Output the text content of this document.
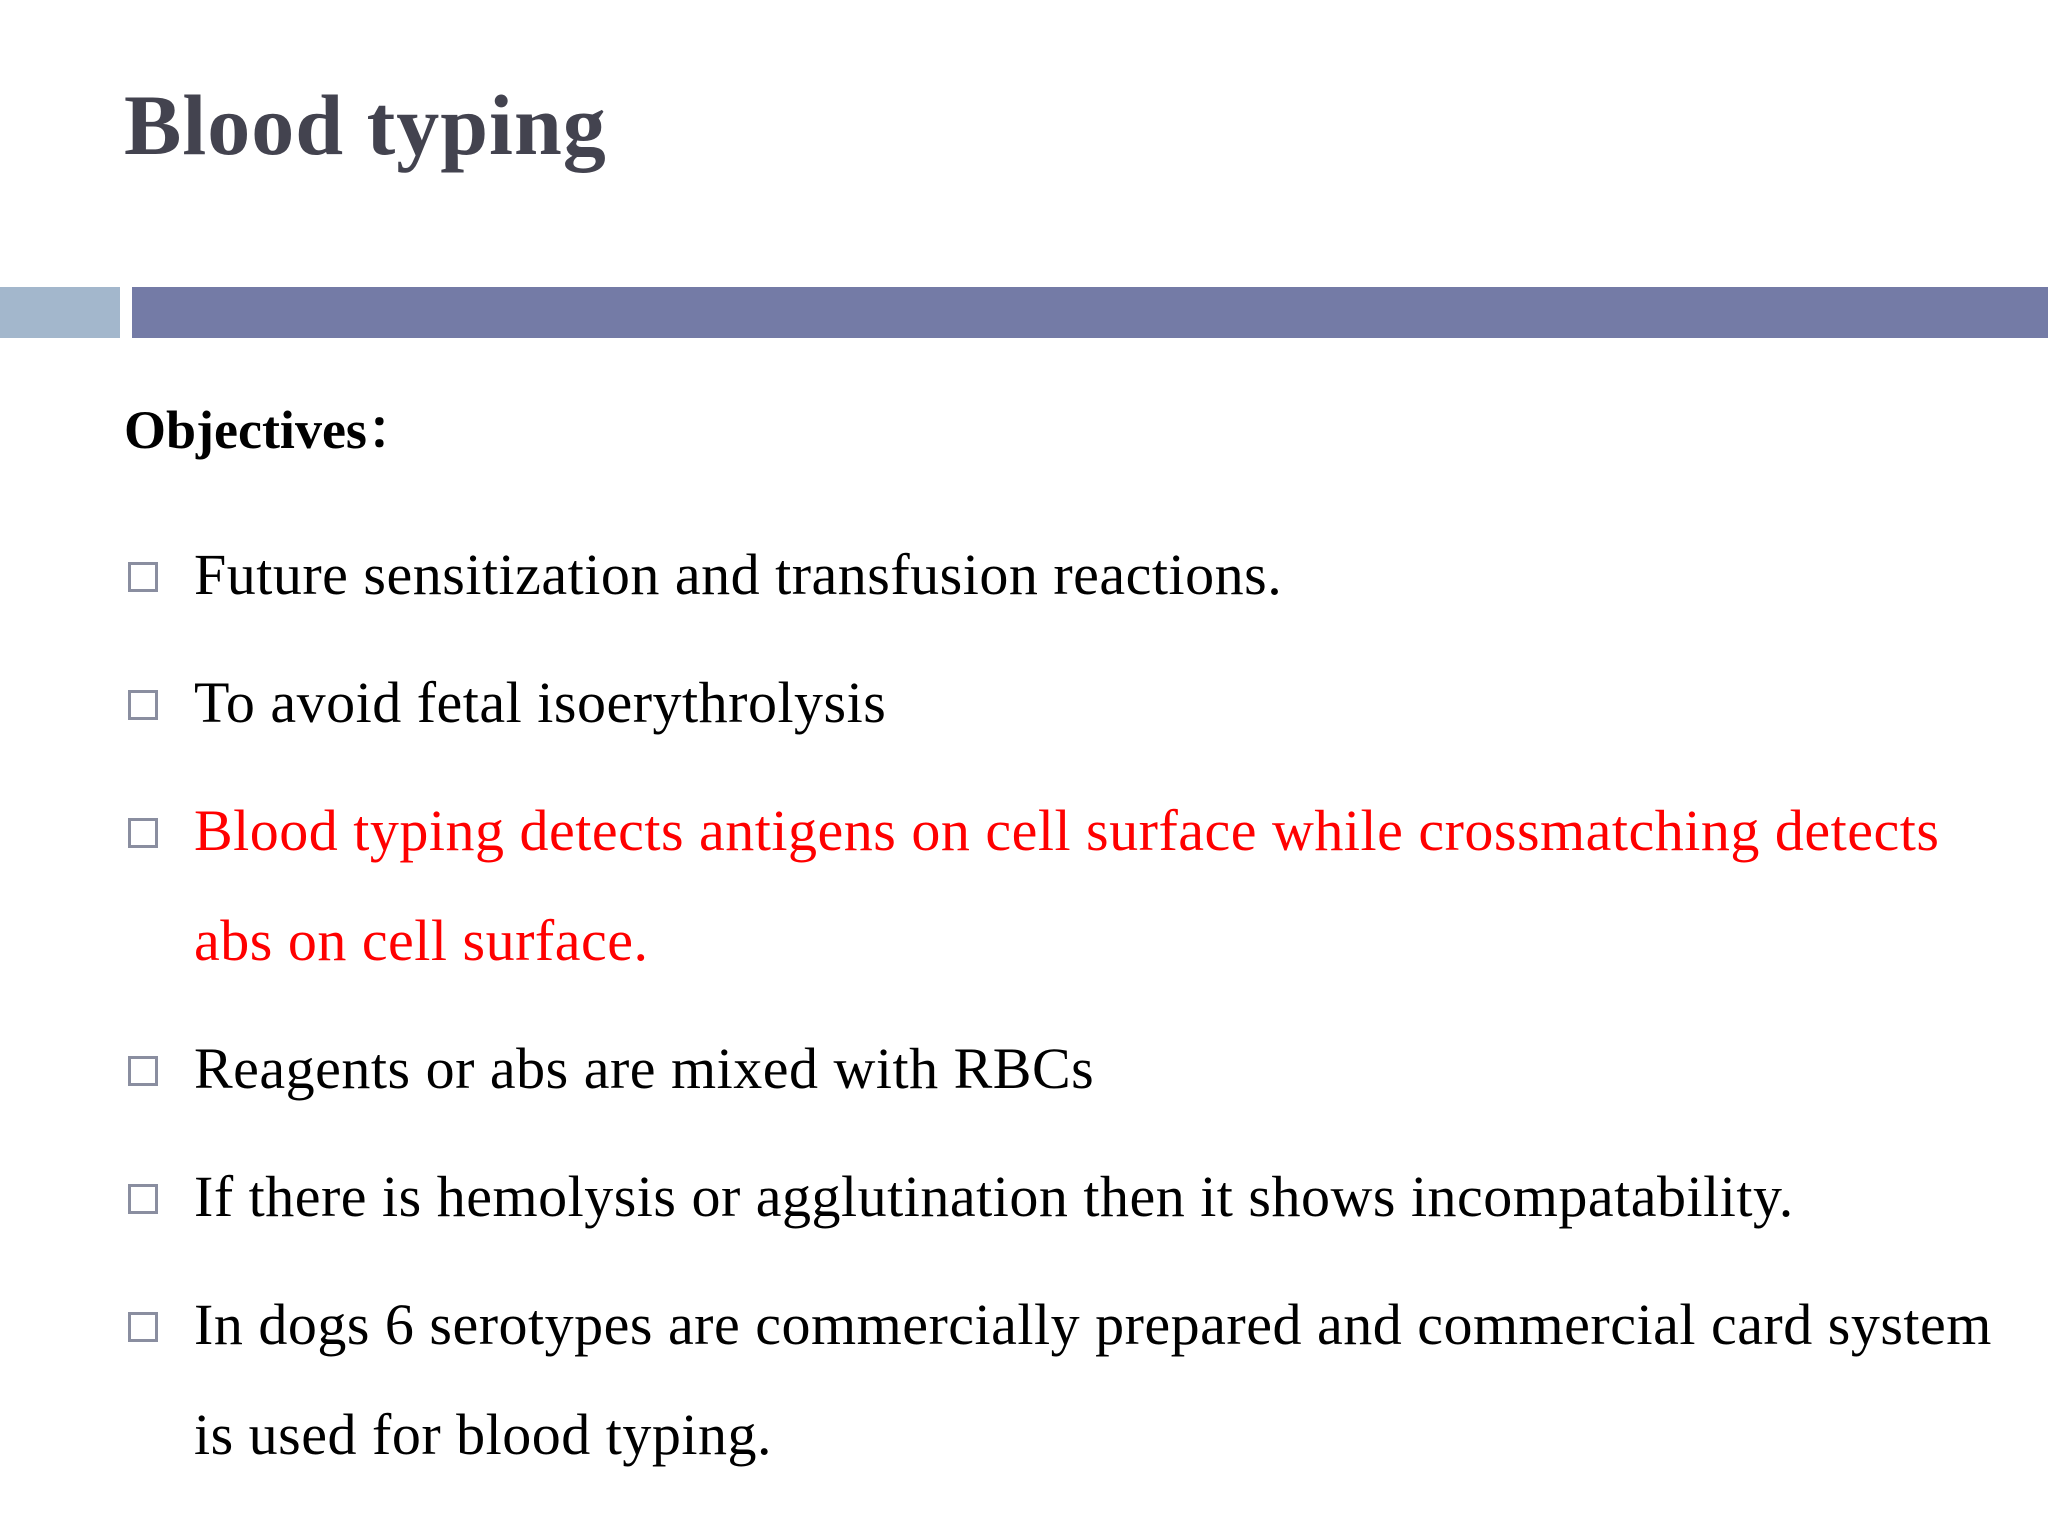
Blood typing

Objectives：

Future sensitization and transfusion reactions.
To avoid fetal isoerythrolysis
Blood typing detects antigens on cell surface while crossmatching detects abs on cell surface.
Reagents or abs are mixed with RBCs
If there is hemolysis or agglutination then it shows incompatability.
In dogs 6 serotypes are commercially prepared and commercial card system is used for blood typing.
